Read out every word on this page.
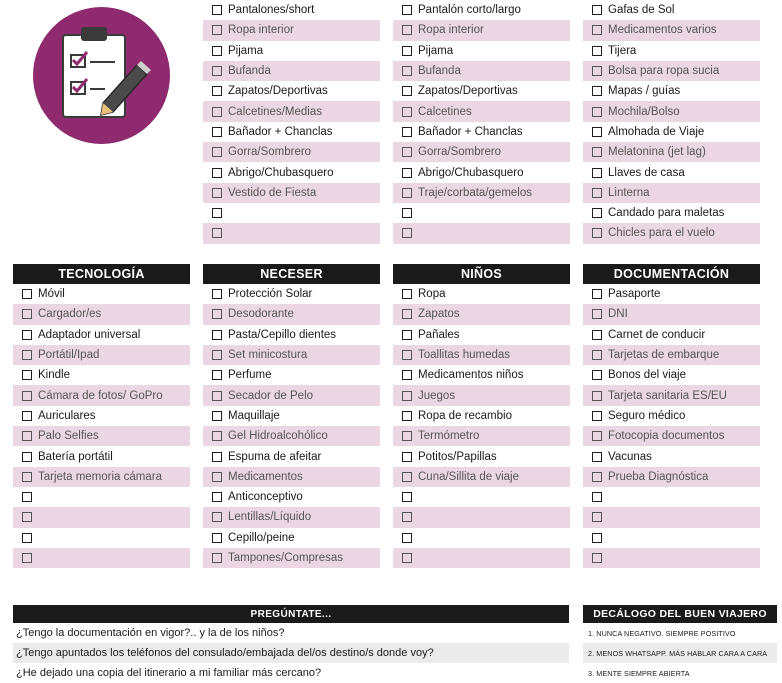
Pantalones/short
Ropa interior
Pijama
Bufanda
Zapatos/Deportivas
Calcetines/Medias
Bañador + Chanclas
Gorra/Sombrero
Abrigo/Chubasquero
Vestido de Fiesta
Pantalón corto/largo
Ropa interior
Pijama
Bufanda
Zapatos/Deportivas
Calcetines
Bañador + Chanclas
Gorra/Sombrero
Abrigo/Chubasquero
Traje/corbata/gemelos
Gafas de Sol
Medicamentos varios
Tijera
Bolsa para ropa sucia
Mapas / guías
Mochila/Bolso
Almohada de Viaje
Melatonina (jet lag)
Llaves de casa
Linterna
Candado para maletas
Chicles para el vuelo
TECNOLOGÍA
Móvil
Cargador/es
Adaptador universal
Portátil/Ipad
Kindle
Cámara de fotos/ GoPro
Auriculares
Palo Selfies
Batería portátil
Tarjeta memoria cámara
NECESER
Protección Solar
Desodorante
Pasta/Cepillo dientes
Set minicostura
Perfume
Secador de Pelo
Maquillaje
Gel Hidroalcohólico
Espuma de afeitar
Medicamentos
Anticonceptivo
Lentillas/Líquido
Cepillo/peine
Tampones/Compresas
NIÑOS
Ropa
Zapatos
Pañales
Toallitas humedas
Medicamentos niños
Juegos
Ropa de recambio
Termómetro
Potitos/Papillas
Cuna/Sillita de viaje
DOCUMENTACIÓN
Pasaporte
DNI
Carnet de conducir
Tarjetas de embarque
Bonos del viaje
Tarjeta sanitaria ES/EU
Seguro médico
Fotocopia documentos
Vacunas
Prueba Diagnóstica
PREGÚNTATE...	DECÁLOGO DEL BUEN VIAJERO
¿Tengo la documentación en vigor?.. y la de los niños?
¿Tengo apuntados los teléfonos del consulado/embajada del/os destino/s donde voy?
¿He dejado una copia del itinerario a mi familiar más cercano?
1. NUNCA NEGATIVO. SIEMPRE POSITIVO
2. MENOS WHATSAPP. MÁS HABLAR CARA A CARA
3. MENTE SIEMPRE ABIERTA
